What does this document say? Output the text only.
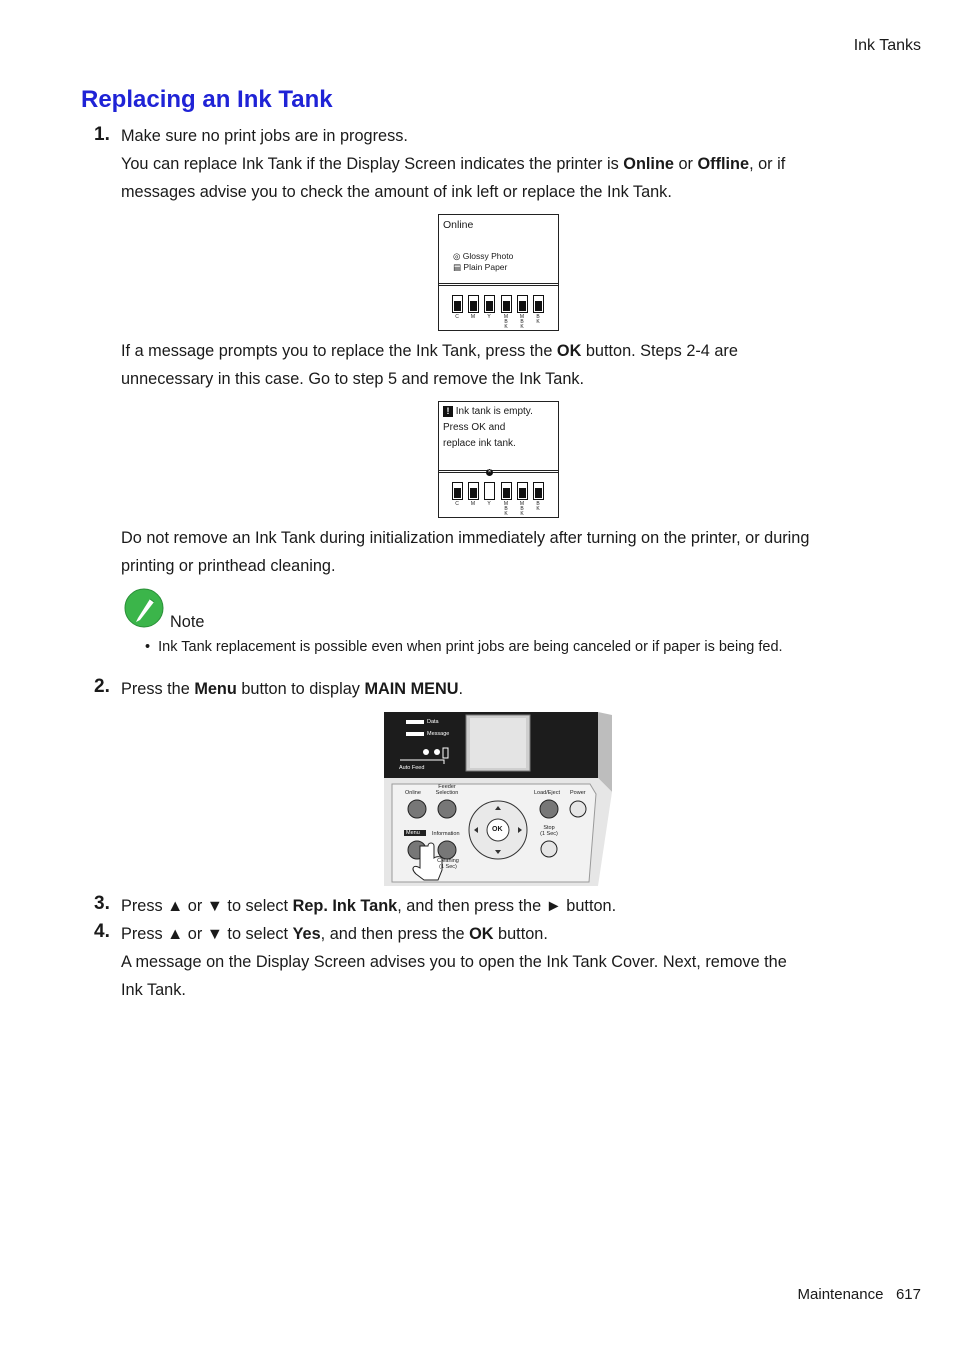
Ink Tanks
Replacing an Ink Tank
1. Make sure no print jobs are in progress.

You can replace Ink Tank if the Display Screen indicates the printer is Online or Offline, or if
messages advise you to check the amount of ink left or replace the Ink Tank.

Online
◎ Glossy Photo
▤ Plain Paper
C	M	Y	M
B
K
M
B
K
B
K

If a message prompts you to replace the Ink Tank, press the OK button. Steps 2-4 are
unnecessary in this case. Go to step 5 and remove the Ink Tank.

! Ink tank is empty.
Press OK and
replace ink tank.
×
C	M	Y	M
B
K
M
B
K
B
K

Do not remove an Ink Tank during initialization immediately after turning on the printer, or during
printing or printhead cleaning.

Note
• Ink Tank replacement is possible even when print jobs are being canceled or if paper is being fed.
2. Press the Menu button to display MAIN MENU.

Data
Message
Auto Feed
Online
Feeder
Selection	Load/Eject Power
Menu Information
Stop
(1 Sec)
OK
Cleaning
(1 Sec)
3. Press ▲ or ▼ to select Rep. Ink Tank, and then press the ► button.

4. Press ▲ or ▼ to select Yes, and then press the OK button.
A message on the Display Screen advises you to open the Ink Tank Cover. Next, remove the
Ink Tank.

Maintenance 617
